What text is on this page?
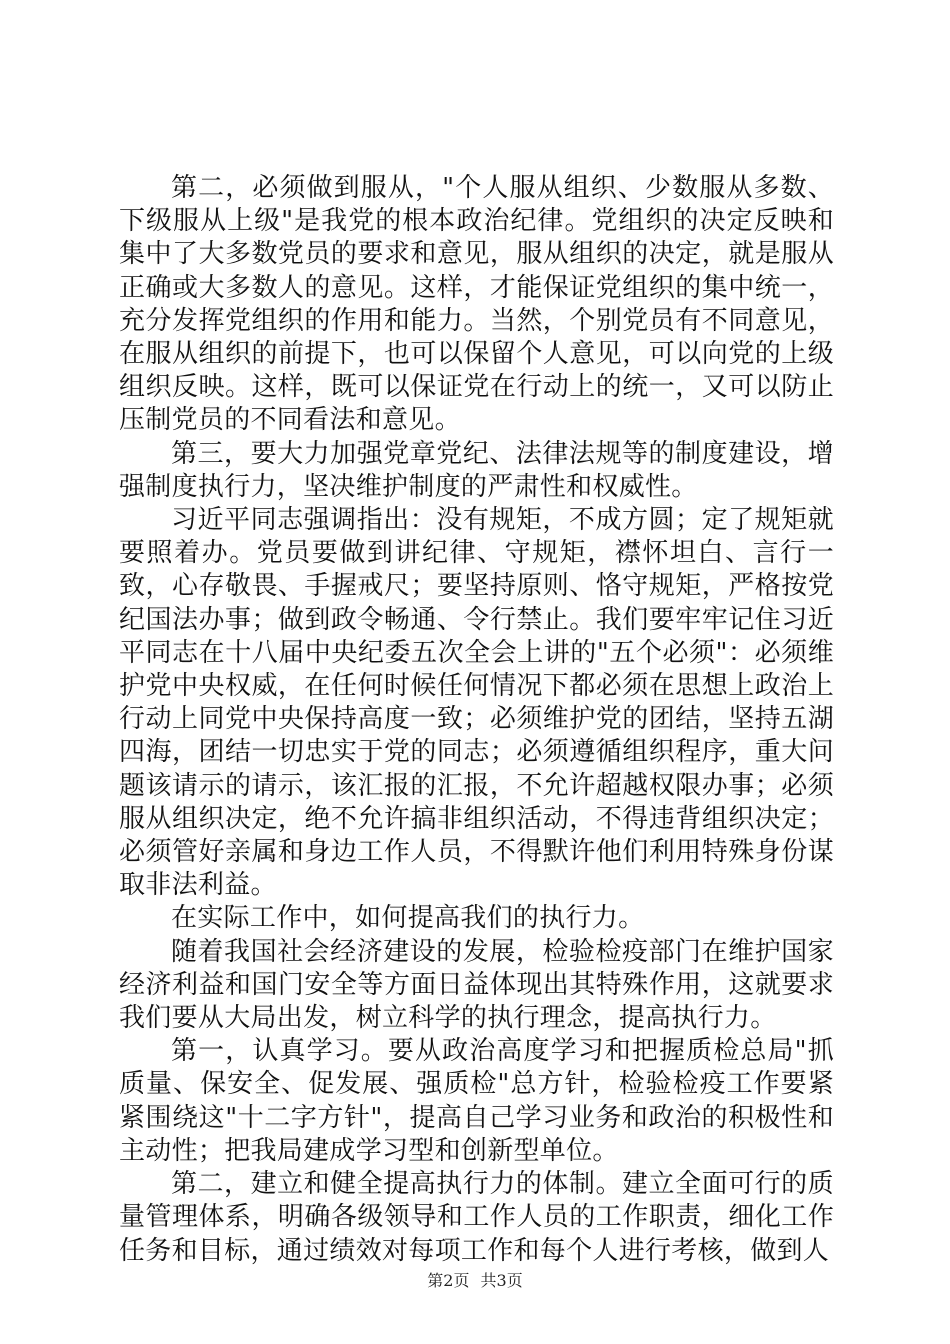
第二，必须做到服从，"个人服从组织、少数服从多数、下级服从上级"是我党的根本政治纪律。党组织的决定反映和集中了大多数党员的要求和意见，服从组织的决定，就是服从正确或大多数人的意见。这样，才能保证党组织的集中统一，充分发挥党组织的作用和能力。当然，个别党员有不同意见，在服从组织的前提下，也可以保留个人意见，可以向党的上级组织反映。这样，既可以保证党在行动上的统一，又可以防止压制党员的不同看法和意见。

第三，要大力加强党章党纪、法律法规等的制度建设，增强制度执行力，坚决维护制度的严肃性和权威性。

习近平同志强调指出：没有规矩，不成方圆；定了规矩就要照着办。党员要做到讲纪律、守规矩，襟怀坦白、言行一致，心存敬畏、手握戒尺；要坚持原则、恪守规矩，严格按党纪国法办事；做到政令畅通、令行禁止。我们要牢牢记住习近平同志在十八届中央纪委五次全会上讲的"五个必须"：必须维护党中央权威，在任何时候任何情况下都必须在思想上政治上行动上同党中央保持高度一致；必须维护党的团结，坚持五湖四海，团结一切忠实于党的同志；必须遵循组织程序，重大问题该请示的请示，该汇报的汇报，不允许超越权限办事；必须服从组织决定，绝不允许搞非组织活动，不得违背组织决定；必须管好亲属和身边工作人员，不得默许他们利用特殊身份谋取非法利益。

在实际工作中，如何提高我们的执行力。

随着我国社会经济建设的发展，检验检疫部门在维护国家经济利益和国门安全等方面日益体现出其特殊作用，这就要求我们要从大局出发，树立科学的执行理念，提高执行力。

第一，认真学习。要从政治高度学习和把握质检总局"抓质量、保安全、促发展、强质检"总方针，检验检疫工作要紧紧围绕这"十二字方针"，提高自己学习业务和政治的积极性和主动性；把我局建成学习型和创新型单位。

第二，建立和健全提高执行力的体制。建立全面可行的质量管理体系，明确各级领导和工作人员的工作职责，细化工作任务和目标，通过绩效对每项工作和每个人进行考核，做到人

第2页 共3页
